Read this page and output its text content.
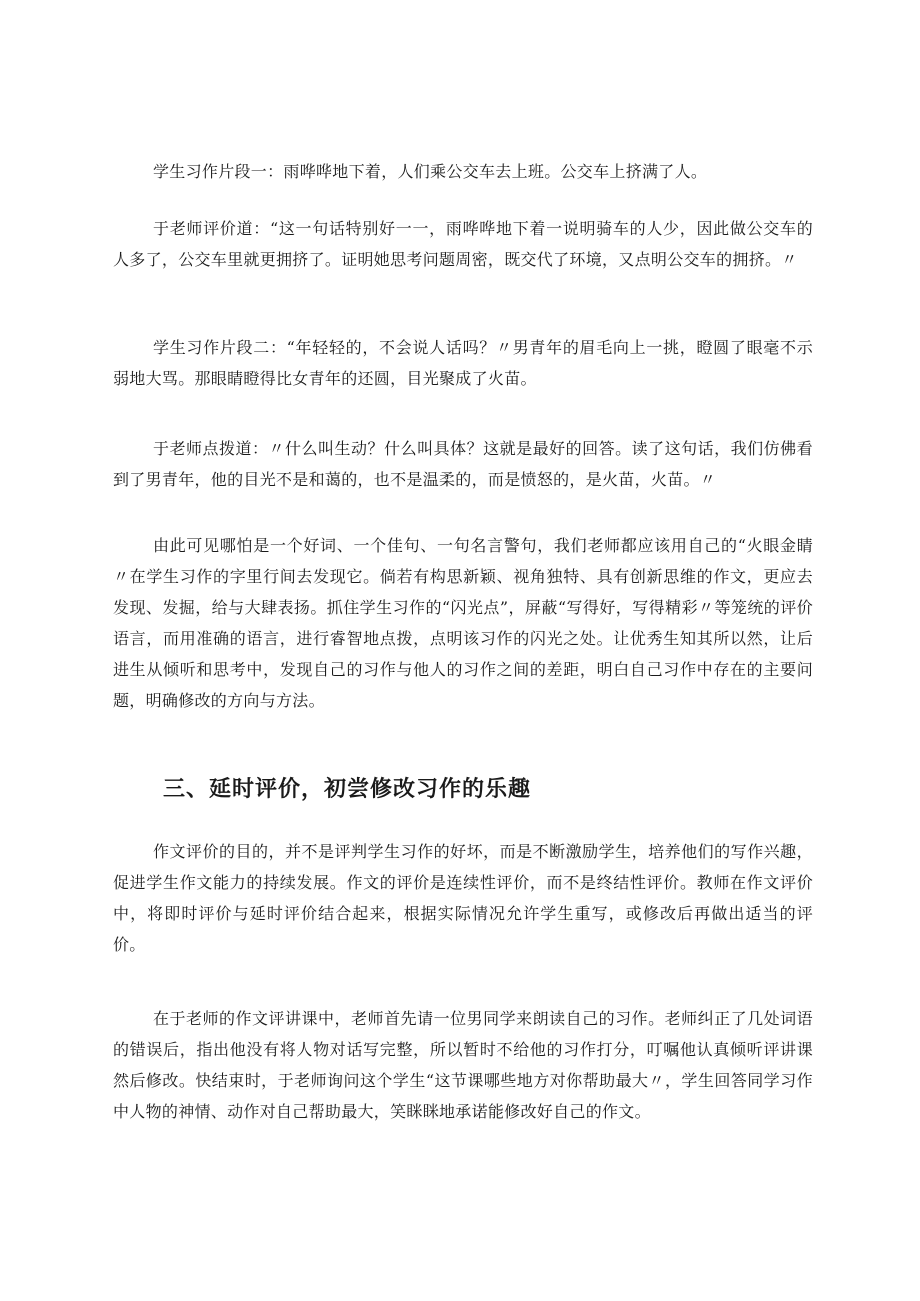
学生习作片段一：雨哗哗地下着，人们乘公交车去上班。公交车上挤满了人。

于老师评价道：“这一句话特别好一一，雨哗哗地下着一说明骑车的人少，因此做公交车的人多了，公交车里就更拥挤了。证明她思考问题周密，既交代了环境，又点明公交车的拥挤。〃

学生习作片段二：“年轻轻的，不会说人话吗？〃男青年的眉毛向上一挑，瞪圆了眼毫不示弱地大骂。那眼睛瞪得比女青年的还圆，目光聚成了火苗。

于老师点拨道：〃什么叫生动？什么叫具体？这就是最好的回答。读了这句话，我们仿佛看到了男青年，他的目光不是和蔼的，也不是温柔的，而是愤怒的，是火苗，火苗。〃

由此可见哪怕是一个好词、一个佳句、一句名言警句，我们老师都应该用自己的“火眼金睛〃在学生习作的字里行间去发现它。倘若有构思新颖、视角独特、具有创新思维的作文，更应去发现、发掘，给与大肆表扬。抓住学生习作的“闪光点”，屏蔽“写得好，写得精彩〃等笼统的评价语言，而用准确的语言，进行睿智地点拨，点明该习作的闪光之处。让优秀生知其所以然，让后进生从倾听和思考中，发现自己的习作与他人的习作之间的差距，明白自己习作中存在的主要问题，明确修改的方向与方法。

三、延时评价，初尝修改习作的乐趣

作文评价的目的，并不是评判学生习作的好坏，而是不断激励学生，培养他们的写作兴趣，促进学生作文能力的持续发展。作文的评价是连续性评价，而不是终结性评价。教师在作文评价中，将即时评价与延时评价结合起来，根据实际情况允许学生重写，或修改后再做出适当的评价。

在于老师的作文评讲课中，老师首先请一位男同学来朗读自己的习作。老师纠正了几处词语的错误后，指出他没有将人物对话写完整，所以暂时不给他的习作打分，叮嘱他认真倾听评讲课然后修改。快结束时，于老师询问这个学生“这节课哪些地方对你帮助最大〃，学生回答同学习作中人物的神情、动作对自己帮助最大，笑眯眯地承诺能修改好自己的作文。
